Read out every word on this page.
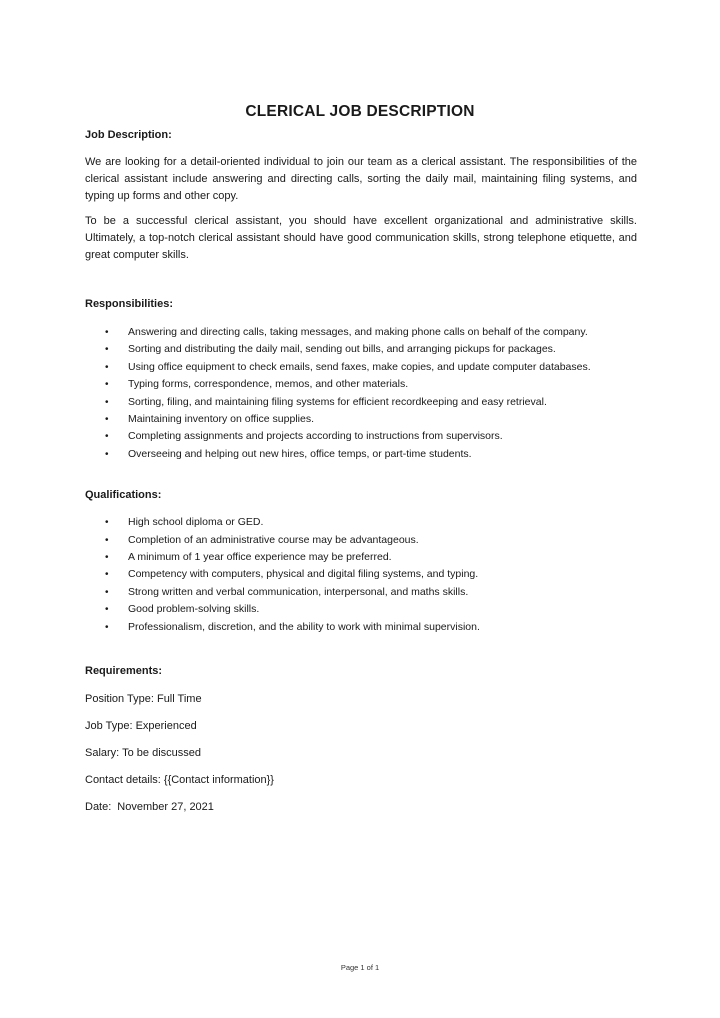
CLERICAL JOB DESCRIPTION

Job Description:

We are looking for a detail-oriented individual to join our team as a clerical assistant. The responsibilities of the clerical assistant include answering and directing calls, sorting the daily mail, maintaining filing systems, and typing up forms and other copy.

To be a successful clerical assistant, you should have excellent organizational and administrative skills. Ultimately, a top-notch clerical assistant should have good communication skills, strong telephone etiquette, and great computer skills.

Responsibilities:

• Answering and directing calls, taking messages, and making phone calls on behalf of the company.
• Sorting and distributing the daily mail, sending out bills, and arranging pickups for packages.
• Using office equipment to check emails, send faxes, make copies, and update computer databases.
• Typing forms, correspondence, memos, and other materials.
• Sorting, filing, and maintaining filing systems for efficient recordkeeping and easy retrieval.
• Maintaining inventory on office supplies.
• Completing assignments and projects according to instructions from supervisors.
• Overseeing and helping out new hires, office temps, or part-time students.

Qualifications:

• High school diploma or GED.
• Completion of an administrative course may be advantageous.
• A minimum of 1 year office experience may be preferred.
• Competency with computers, physical and digital filing systems, and typing.
• Strong written and verbal communication, interpersonal, and maths skills.
• Good problem-solving skills.
• Professionalism, discretion, and the ability to work with minimal supervision.

Requirements:

Position Type: Full Time

Job Type: Experienced

Salary: To be discussed

Contact details: {{Contact information}}

Date: November 27, 2021

Page 1 of 1
